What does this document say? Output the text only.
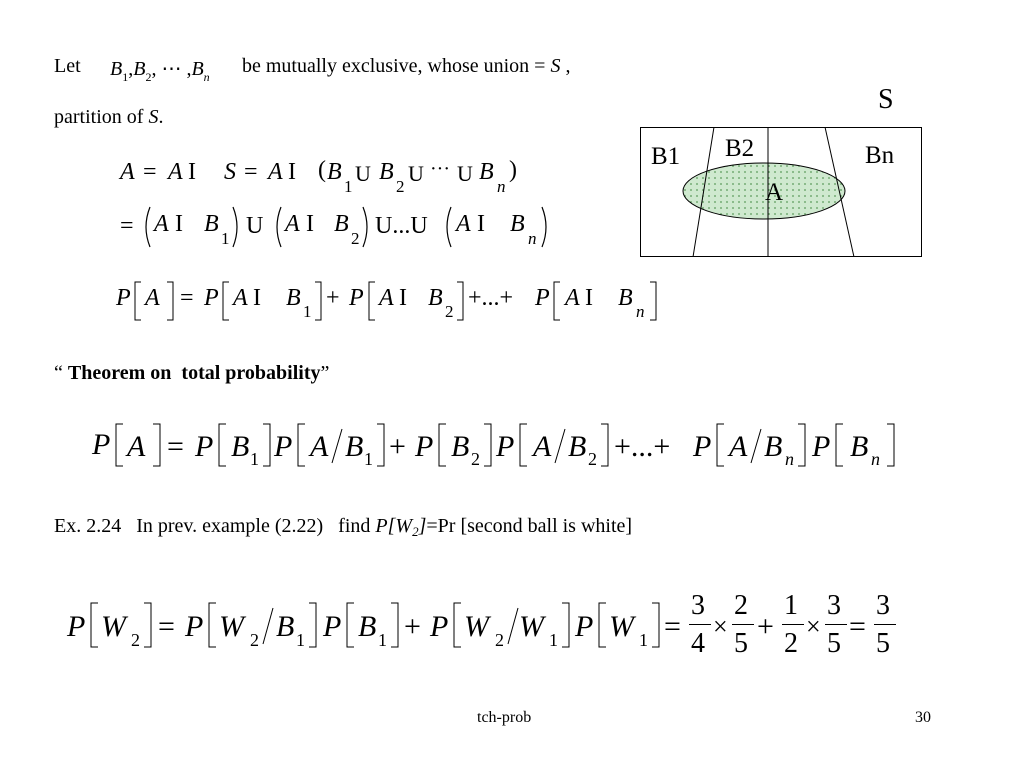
Let $B_1,B_2$, ⋯ $,B_n$ be mutually exclusive, whose union = S ,
partition of S.
A = A I S = A I ( B
1
U B
2
U ··· U B
n
)
= A I B
1 U A I B
2 U...U A I B
n
P A = P A I B
1
+ P A I B
2
+...+ P A I B
n
“ Theorem on  total probability”
P A = P B 1 P A B 1 + P B 2 P A B 2 +...+ P A B n P B n
Ex. 2.24   In prev. example (2.22)   find $P[W_2]=Pr$ [second ball is white]
P W 2 = P W 2 B 1 P B 1 + P W 2 W 1 P W 1 =
3
4
×
2
5
+
1
2
×
3
5
=
3
5
S
B1 B2	Bn
A
tch-prob	30
